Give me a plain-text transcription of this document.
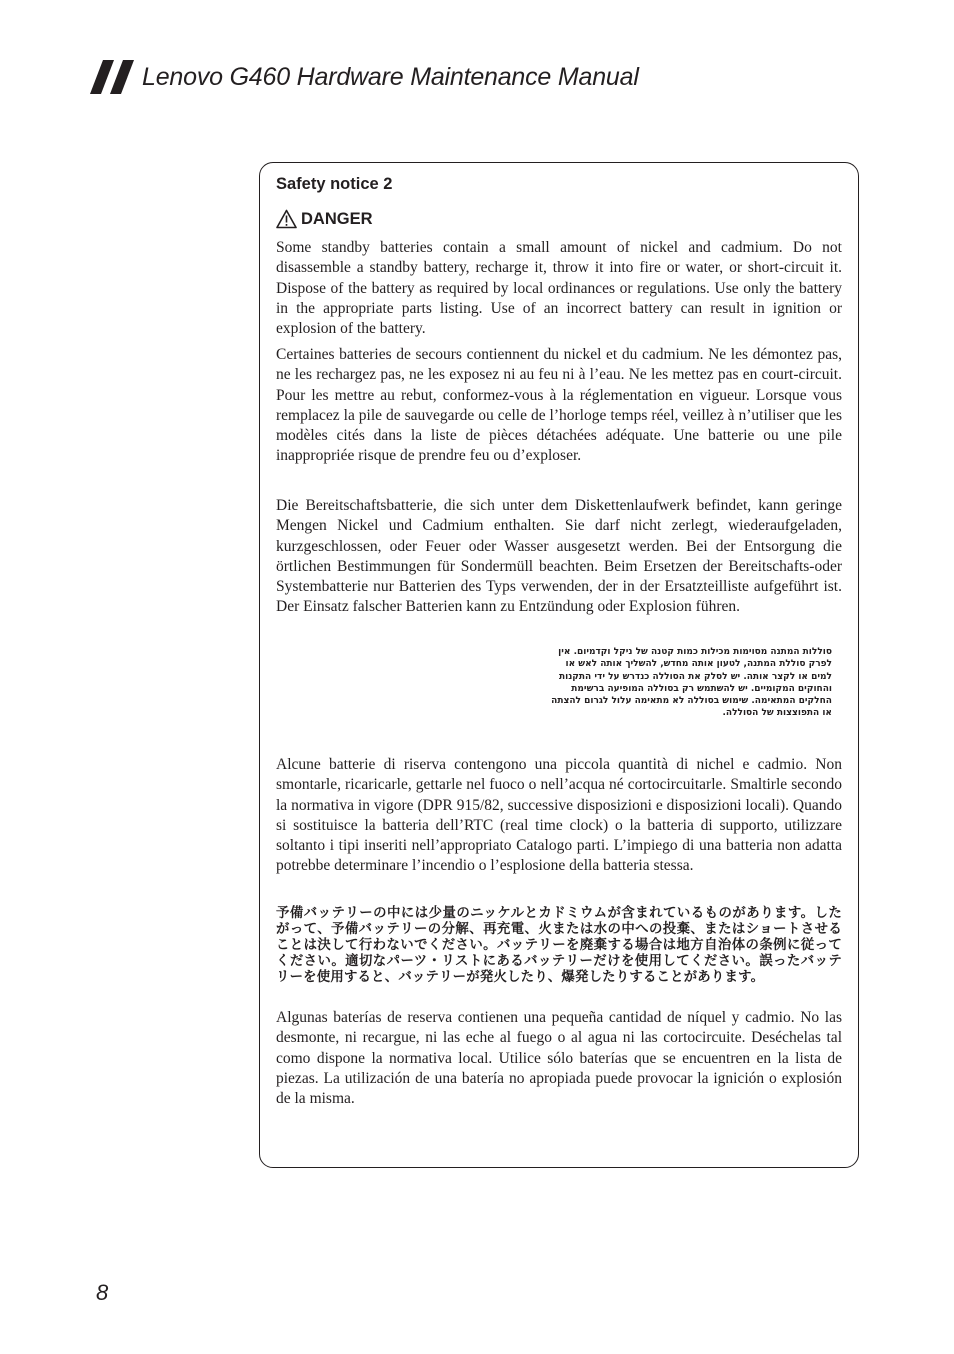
Lenovo G460 Hardware Maintenance Manual
Safety notice 2
DANGER

Some standby batteries contain a small amount of nickel and cadmium. Do not disassemble a standby battery, recharge it, throw it into fire or water, or short-circuit it. Dispose of the battery as required by local ordinances or regulations. Use only the battery in the appropriate parts listing. Use of an incorrect battery can result in ignition or explosion of the battery.

Certaines batteries de secours contiennent du nickel et du cadmium. Ne les démontez pas, ne les rechargez pas, ne les exposez ni au feu ni à l’eau. Ne les mettez pas en court-circuit. Pour les mettre au rebut, conformez-vous à la réglementation en vigueur. Lorsque vous remplacez la pile de sauvegarde ou celle de l’horloge temps réel, veillez à n’utiliser que les modèles cités dans la liste de pièces détachées adéquate. Une batterie ou une pile inappropriée risque de prendre feu ou d’exploser.

Die Bereitschaftsbatterie, die sich unter dem Diskettenlaufwerk befindet, kann geringe Mengen Nickel und Cadmium enthalten. Sie darf nicht zerlegt, wiederaufgeladen, kurzgeschlossen, oder Feuer oder Wasser ausgesetzt werden. Bei der Entsorgung die örtlichen Bestimmungen für Sondermüll beachten. Beim Ersetzen der Bereitschafts-oder Systembatterie nur Batterien des Typs verwenden, der in der Ersatzteilliste aufgeführt ist. Der Einsatz falscher Batterien kann zu Entzündung oder Explosion führen.

סוללות המתנה מסוימות מכילות כמות קטנה של ניקל וקדמיום. אין לפרק סוללת המתנה, לטעון אותה מחדש, להשליך אותה לאש או למים או לקצר אותה. יש לסלק את הסוללה כנדרש על ידי התקנות והחוקים המקומיים. יש להשתמש רק בסוללה המופיעה ברשימת החלקים המתאימה. שימוש בסוללה לא מתאימה עלול לגרום להצתה או התפוצצות של הסוללה.

Alcune batterie di riserva contengono una piccola quantità di nichel e cadmio. Non smontarle, ricaricarle, gettarle nel fuoco o nell’acqua né cortocircuitarle. Smaltirle secondo la normativa in vigore (DPR 915/82, successive disposizioni e disposizioni locali). Quando si sostituisce la batteria dell’RTC (real time clock) o la batteria di supporto, utilizzare soltanto i tipi inseriti nell’appropriato Catalogo parti. L’impiego di una batteria non adatta potrebbe determinare l’incendio o l’esplosione della batteria stessa.

予備バッテリーの中には少量のニッケルとカドミウムが含まれているものがあります。したがって、予備バッテリーの分解、再充電、火または水の中への投棄、またはショートさせることは決して行わないでください。バッテリーを廃棄する場合は地方自治体の条例に従ってください。適切なパーツ・リストにあるバッテリーだけを使用してください。誤ったバッテリーを使用すると、バッテリーが発火したり、爆発したりすることがあります。

Algunas baterías de reserva contienen una pequeña cantidad de níquel y cadmio. No las desmonte, ni recargue, ni las eche al fuego o al agua ni las cortocircuite. Deséchelas tal como dispone la normativa local. Utilice sólo baterías que se encuentren en la lista de piezas. La utilización de una batería no apropiada puede provocar la ignición o explosión de la misma.

8
